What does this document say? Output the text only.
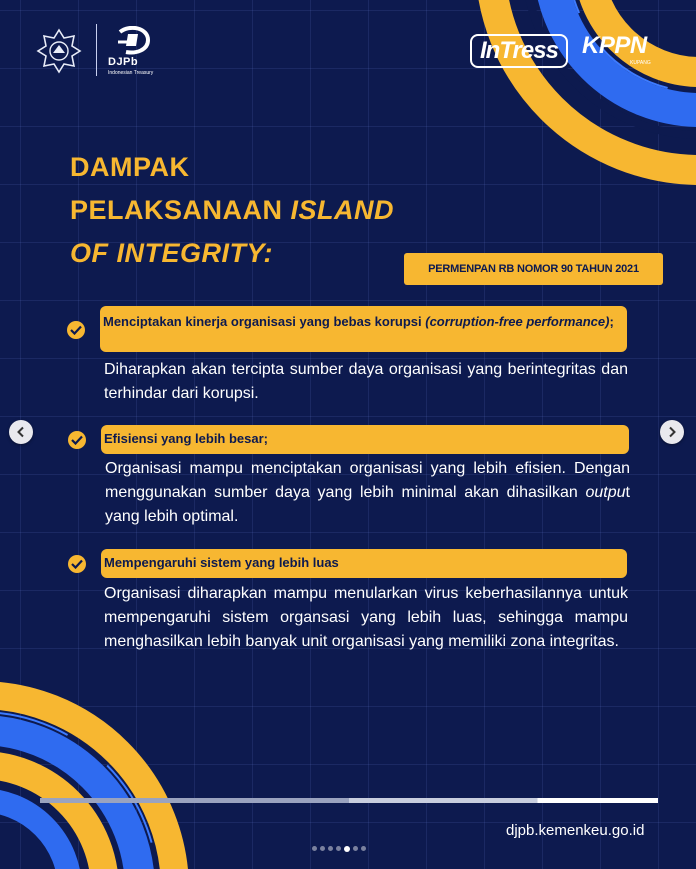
DJPb
Indonesian Treasury
InTress	KPPN
KUPANG
DAMPAK
PELAKSANAAN ISLAND
OF INTEGRITY:
PERMENPAN RB NOMOR 90 TAHUN 2021
Menciptakan kinerja organisasi yang bebas korupsi (corruption-free performance);

Diharapkan akan tercipta sumber daya organisasi yang berintegritas dan terhindar dari korupsi.

Efisiensi yang lebih besar;

Organisasi mampu menciptakan organisasi yang lebih efisien. Dengan menggunakan sumber daya yang lebih minimal akan dihasilkan output yang lebih optimal.

Mempengaruhi sistem yang lebih luas

Organisasi diharapkan mampu menularkan virus keberhasilannya untuk mempengaruhi sistem organsasi yang lebih luas, sehingga mampu menghasilkan lebih banyak unit organisasi yang memiliki zona integritas.

djpb.kemenkeu.go.id
